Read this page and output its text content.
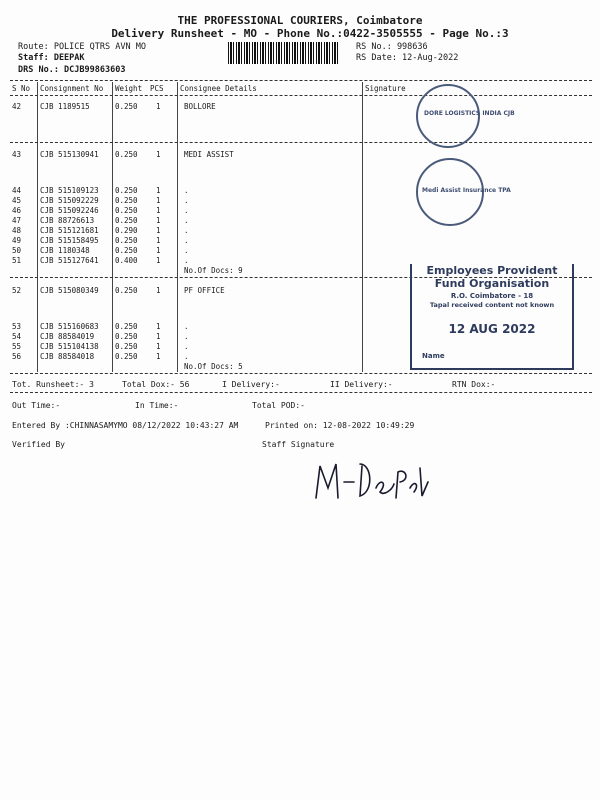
THE PROFESSIONAL COURIERS, Coimbatore
Delivery Runsheet - MO - Phone No.:0422-3505555 - Page No.:3
Route: POLICE QTRS AVN MO
Staff: DEEPAK
DRS No.: DCJB99863603
RS No.: 998636
RS Date: 12-Aug-2022
S No Consignment No Weight PCS Consignee Details	Signature
42	CJB 1189515	0.250 1	BOLLORE
43	CJB 515130941 0.250 1	MEDI ASSIST
44	CJB 515109123 0.250 1	.
45	CJB 515092229 0.250 1	.
46	CJB 515092246 0.250 1	.
47	CJB 88726613	0.250 1	.
48	CJB 515121681 0.290 1	.
49	CJB 515158495 0.250 1	.
50	CJB 1180348	0.250 1	.
51	CJB 515127641 0.400 1	.
52	CJB 515080349 0.250 1	PF OFFICE
53	CJB 515160683 0.250 1	.
54	CJB 88584019	0.250 1	.
55	CJB 515104138 0.250 1	.
56	CJB 88584018	0.250 1	.
No.Of Docs: 9
No.Of Docs: 5
Tot. Runsheet:- 3	Total Dox:- 56	I Delivery:-	II Delivery:-	RTN Dox:-
Out Time:-	In Time:-	Total POD:-
Entered By :CHINNASAMYMO 08/12/2022 10:43:27 AM	Printed on: 12-08-2022 10:49:29
Verified By	Staff Signature
DORE LOGISTICS INDIA CJB
Medi Assist Insurance TPA
Employees Provident
Fund Organisation
R.O. Coimbatore - 18
Tapal received content not known
12 AUG 2022
Name
